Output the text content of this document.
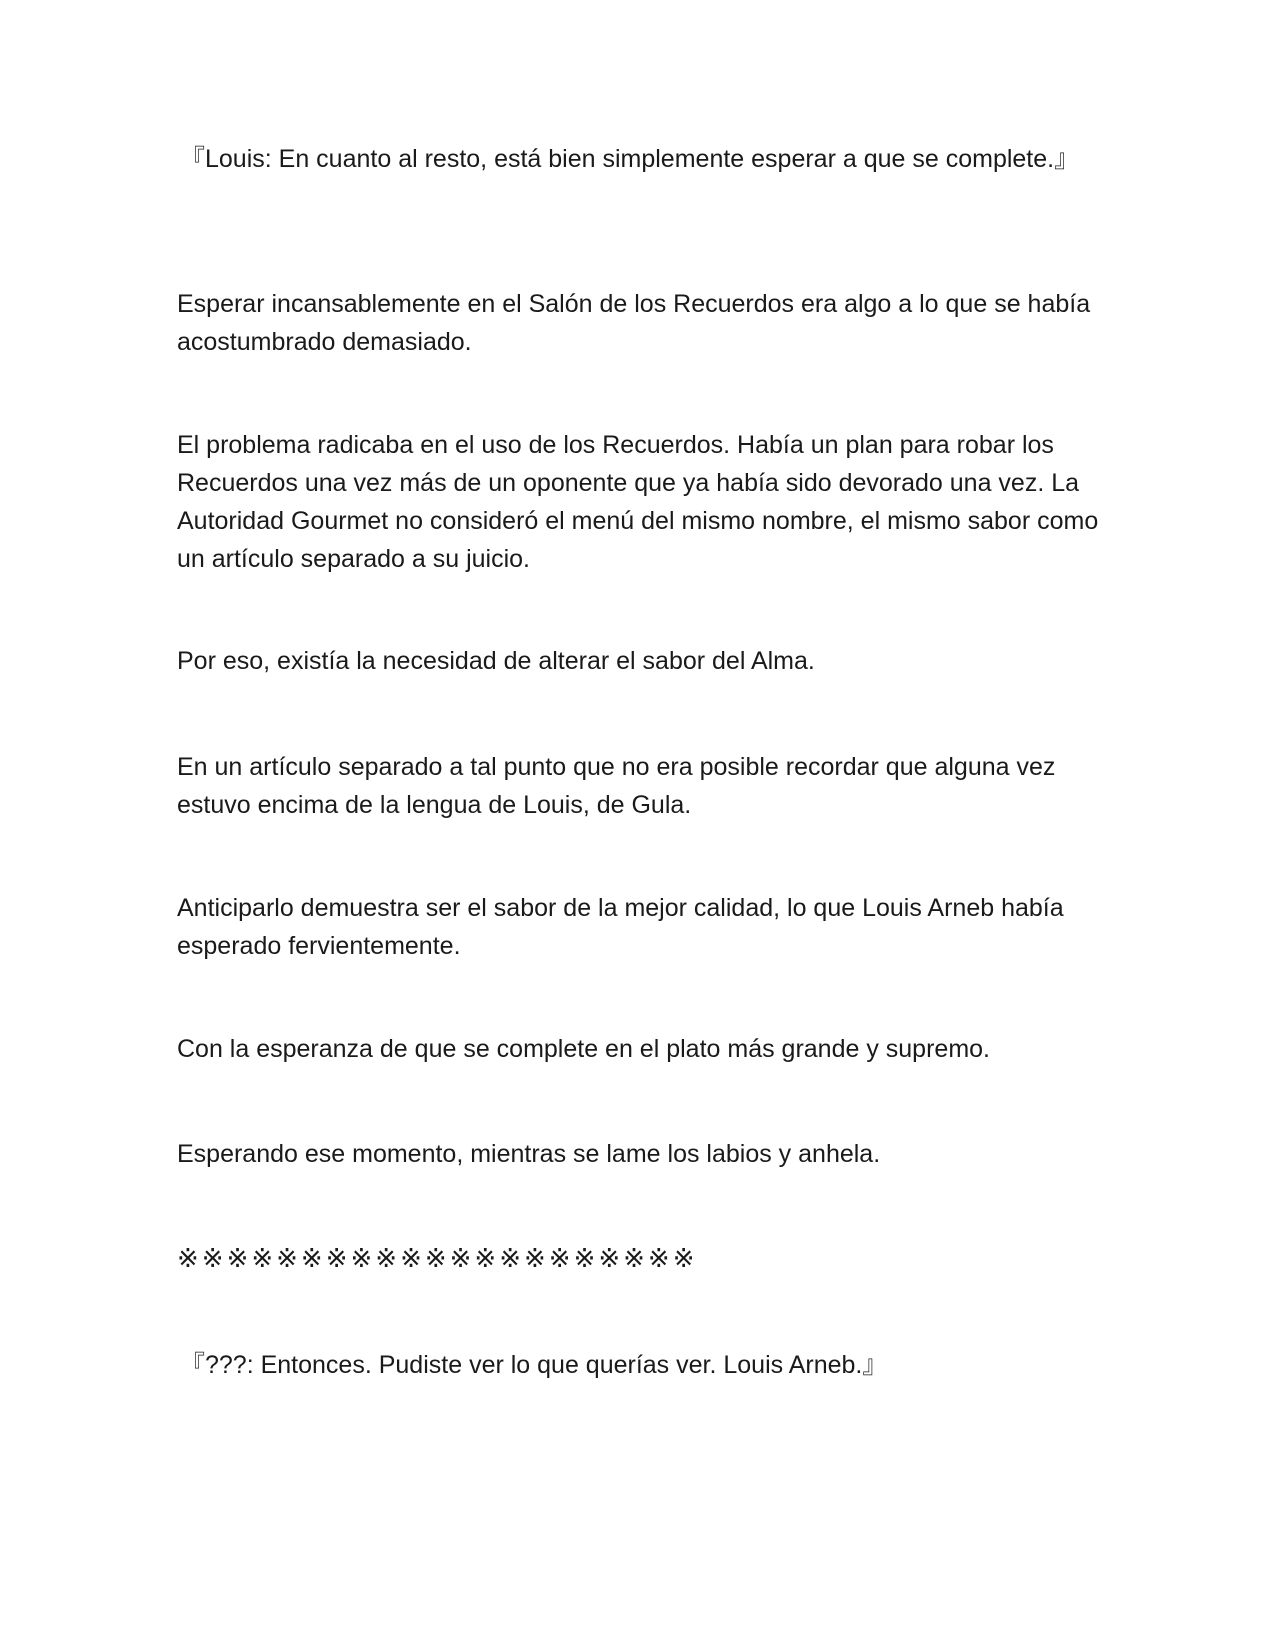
『Louis: En cuanto al resto, está bien simplemente esperar a que se complete.』

Esperar incansablemente en el Salón de los Recuerdos era algo a lo que se había acostumbrado demasiado.

El problema radicaba en el uso de los Recuerdos. Había un plan para robar los Recuerdos una vez más de un oponente que ya había sido devorado una vez. La Autoridad Gourmet no consideró el menú del mismo nombre, el mismo sabor como un artículo separado a su juicio.

Por eso, existía la necesidad de alterar el sabor del Alma.

En un artículo separado a tal punto que no era posible recordar que alguna vez estuvo encima de la lengua de Louis, de Gula.

Anticiparlo demuestra ser el sabor de la mejor calidad, lo que Louis Arneb había esperado fervientemente.

Con la esperanza de que se complete en el plato más grande y supremo.

Esperando ese momento, mientras se lame los labios y anhela.

※※※※※※※※※※※※※※※※※※※※※

『???: Entonces. Pudiste ver lo que querías ver. Louis Arneb.』
